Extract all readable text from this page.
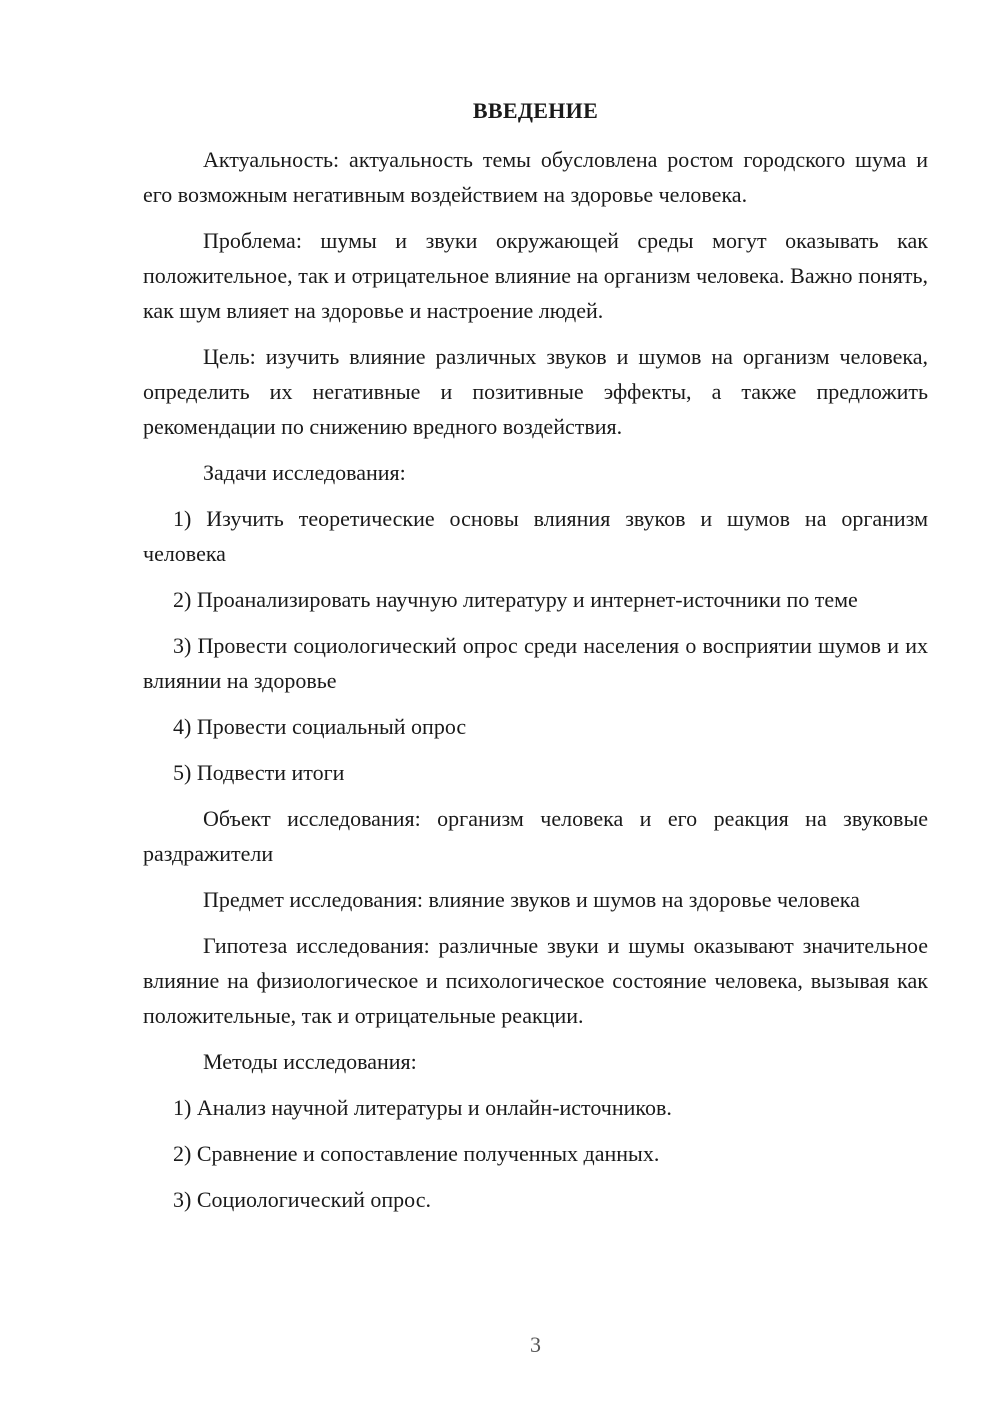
ВВЕДЕНИЕ

Актуальность: актуальность темы обусловлена ростом городского шума и его возможным негативным воздействием на здоровье человека.

Проблема: шумы и звуки окружающей среды могут оказывать как положительное, так и отрицательное влияние на организм человека. Важно понять, как шум влияет на здоровье и настроение людей.

Цель: изучить влияние различных звуков и шумов на организм человека, определить их негативные и позитивные эффекты, а также предложить рекомендации по снижению вредного воздействия.

Задачи исследования:

1) Изучить теоретические основы влияния звуков и шумов на организм человека

2) Проанализировать научную литературу и интернет-источники по теме

3) Провести социологический опрос среди населения о восприятии шумов и их влиянии на здоровье

4) Провести социальный опрос

5) Подвести итоги

Объект исследования: организм человека и его реакция на звуковые раздражители

Предмет исследования: влияние звуков и шумов на здоровье человека

Гипотеза исследования: различные звуки и шумы оказывают значительное влияние на физиологическое и психологическое состояние человека, вызывая как положительные, так и отрицательные реакции.

Методы исследования:

1) Анализ научной литературы и онлайн-источников.

2) Сравнение и сопоставление полученных данных.

3) Социологический опрос.

3
